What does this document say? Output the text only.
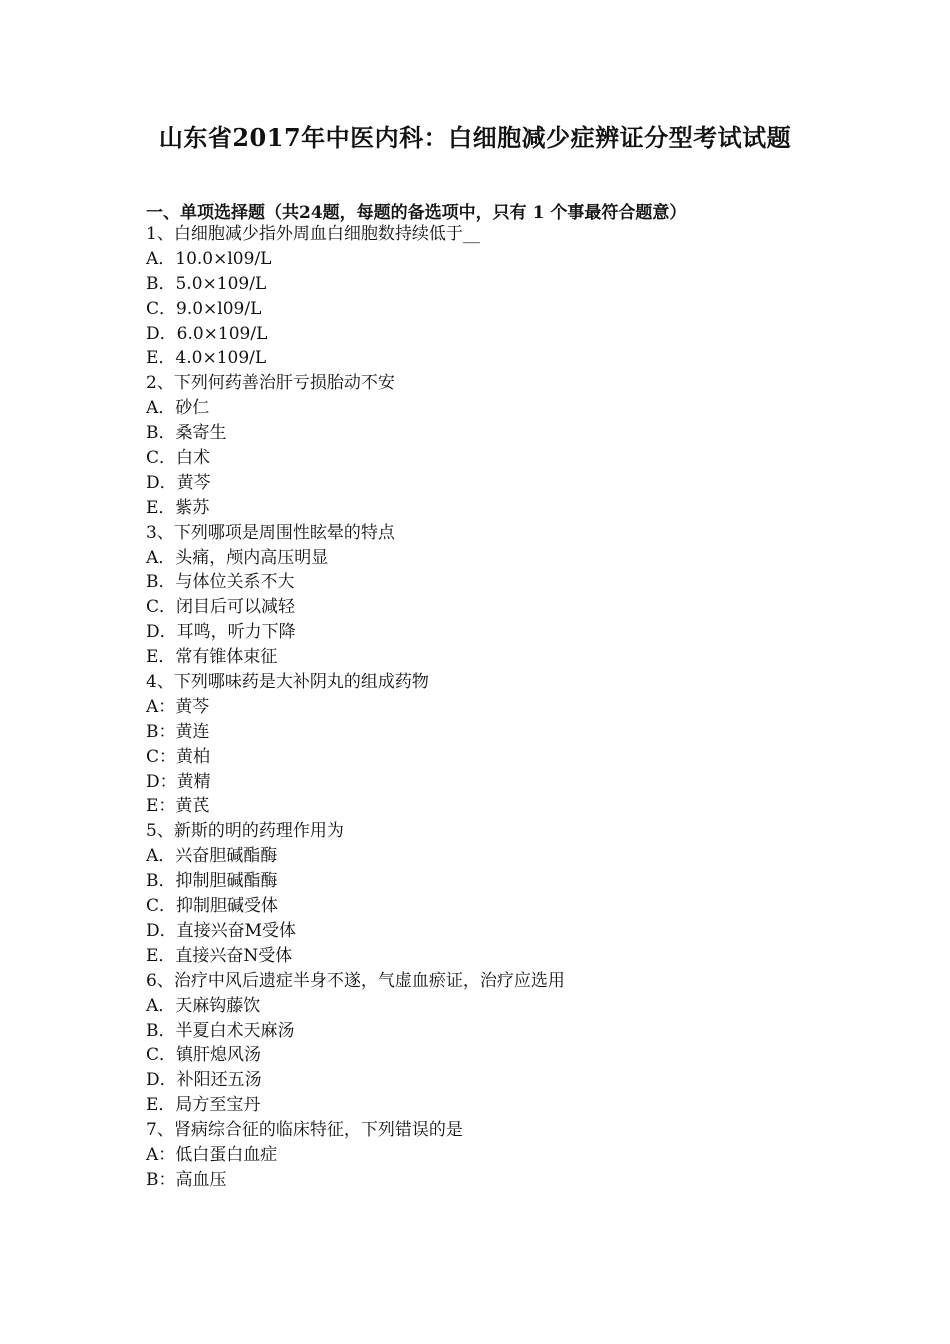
山东省2017年中医内科：白细胞减少症辨证分型考试试题
一、单项选择题（共24题，每题的备选项中，只有 1 个事最符合题意）
1、白细胞减少指外周血白细胞数持续低于__
A．10.0×l09/L
B．5.0×109/L
C．9.0×l09/L
D．6.0×109/L
E．4.0×109/L
2、下列何药善治肝亏损胎动不安
A．砂仁
B．桑寄生
C．白术
D．黄芩
E．紫苏
3、下列哪项是周围性眩晕的特点
A．头痛，颅内高压明显
B．与体位关系不大
C．闭目后可以减轻
D．耳鸣，听力下降
E．常有锥体束征
4、下列哪味药是大补阴丸的组成药物
A：黄芩
B：黄连
C：黄柏
D：黄精
E：黄芪
5、新斯的明的药理作用为
A．兴奋胆碱酯酶
B．抑制胆碱酯酶
C．抑制胆碱受体
D．直接兴奋M受体
E．直接兴奋N受体
6、治疗中风后遗症半身不遂，气虚血瘀证，治疗应选用
A．天麻钩藤饮
B．半夏白术天麻汤
C．镇肝熄风汤
D．补阳还五汤
E．局方至宝丹
7、肾病综合征的临床特征，下列错误的是
A：低白蛋白血症
B：高血压
